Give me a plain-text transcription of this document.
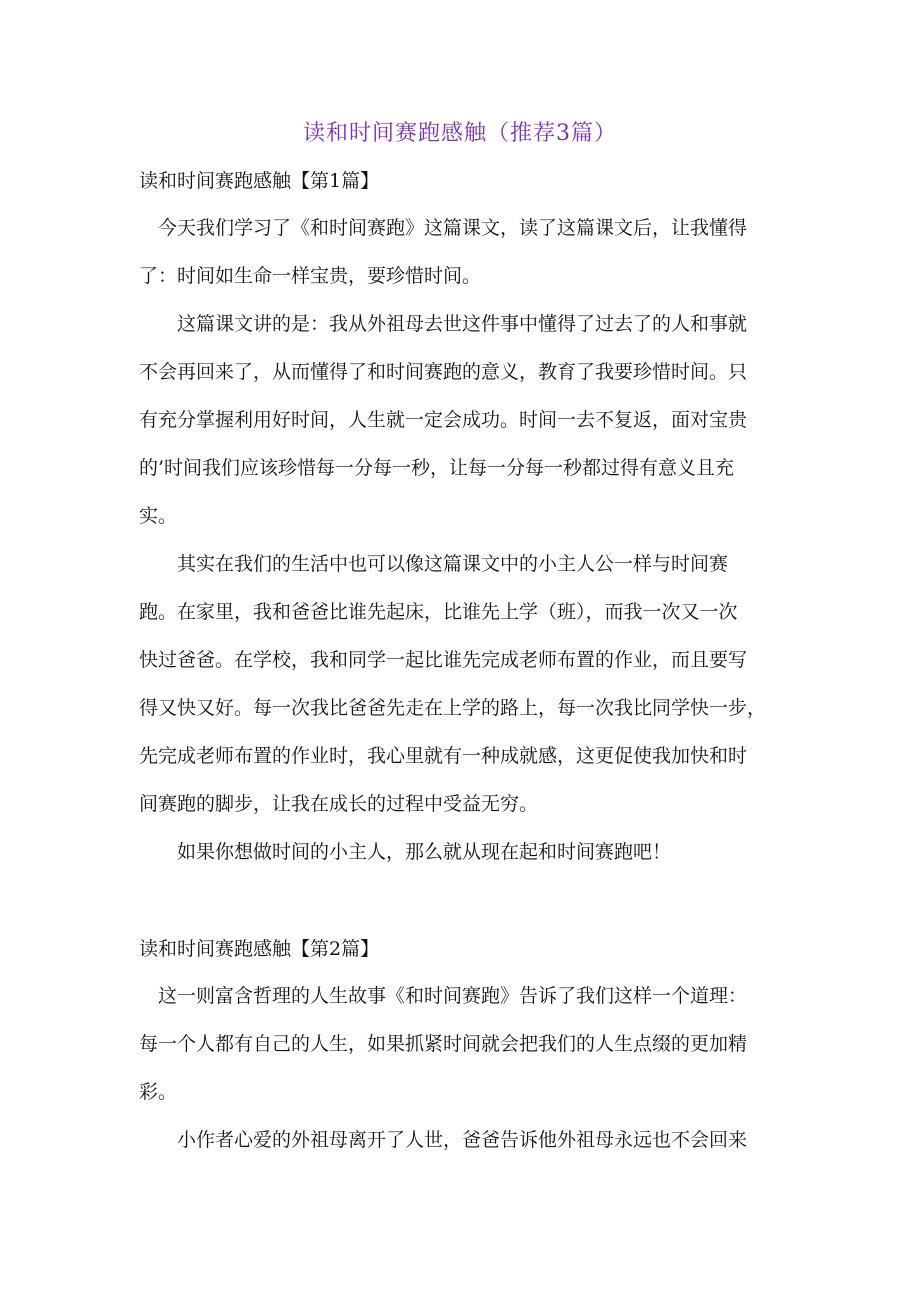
读和时间赛跑感触（推荐3篇）
读和时间赛跑感触【第1篇】
　今天我们学习了《和时间赛跑》这篇课文，读了这篇课文后，让我懂得
了：时间如生命一样宝贵，要珍惜时间。
　　这篇课文讲的是：我从外祖母去世这件事中懂得了过去了的人和事就
不会再回来了，从而懂得了和时间赛跑的意义，教育了我要珍惜时间。只
有充分掌握利用好时间，人生就一定会成功。时间一去不复返，面对宝贵
的’时间我们应该珍惜每一分每一秒，让每一分每一秒都过得有意义且充
实。
　　其实在我们的生活中也可以像这篇课文中的小主人公一样与时间赛
跑。在家里，我和爸爸比谁先起床，比谁先上学（班），而我一次又一次
快过爸爸。在学校，我和同学一起比谁先完成老师布置的作业，而且要写
得又快又好。每一次我比爸爸先走在上学的路上，每一次我比同学快一步，
先完成老师布置的作业时，我心里就有一种成就感，这更促使我加快和时
间赛跑的脚步，让我在成长的过程中受益无穷。
　　如果你想做时间的小主人，那么就从现在起和时间赛跑吧！
读和时间赛跑感触【第2篇】
　这一则富含哲理的人生故事《和时间赛跑》告诉了我们这样一个道理：
每一个人都有自己的人生，如果抓紧时间就会把我们的人生点缀的更加精
彩。
　　小作者心爱的外祖母离开了人世，爸爸告诉他外祖母永远也不会回来
